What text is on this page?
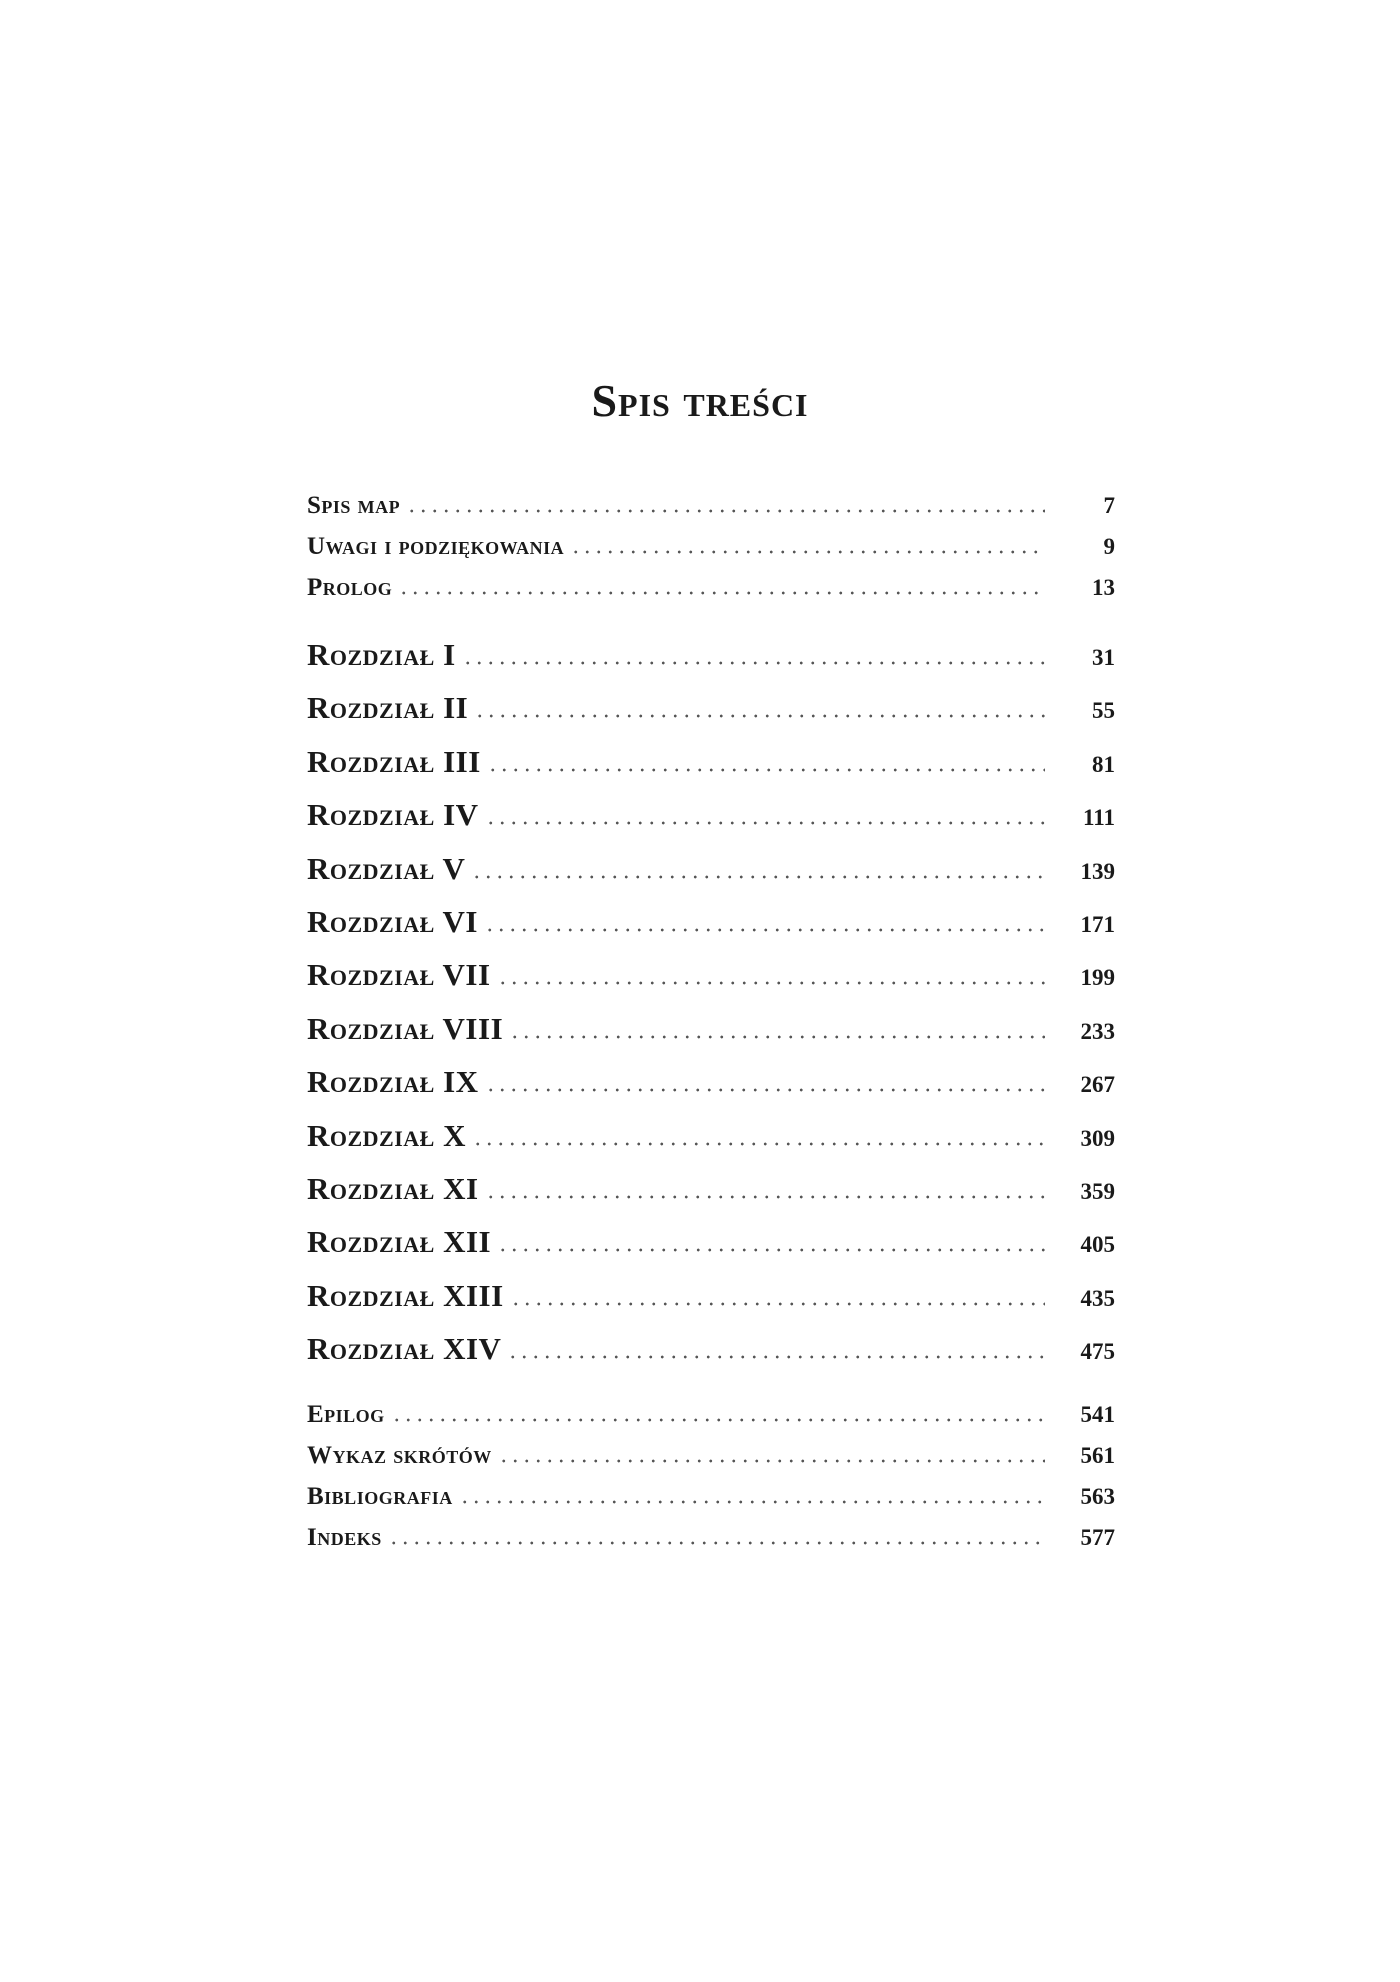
Spis treści
Spis map	7
Uwagi i podziękowania	9
Prolog	13
Rozdział I	31
Rozdział II	55
Rozdział III	81
Rozdział IV	111
Rozdział V	139
Rozdział VI	171
Rozdział VII	199
Rozdział VIII	233
Rozdział IX	267
Rozdział X	309
Rozdział XI	359
Rozdział XII	405
Rozdział XIII	435
Rozdział XIV	475
Epilog	541
Wykaz skrótów	561
Bibliografia	563
Indeks	577
